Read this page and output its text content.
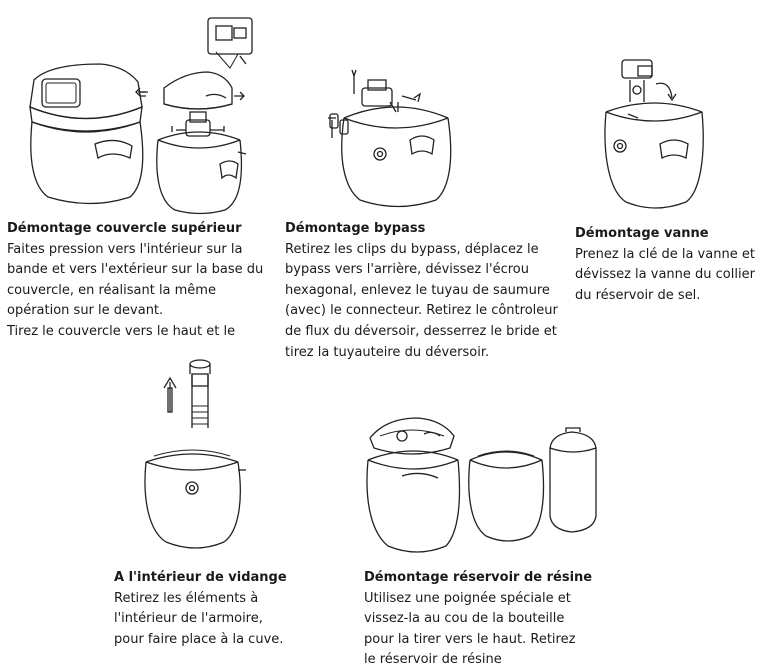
Démontage couvercle supérieur
Faites pression vers l'intérieur sur la
bande et vers l'extérieur sur la base du
couvercle, en réalisant la même
opération sur le devant.
Tirez le couvercle vers le haut et le
Démontage bypass
Retirez les clips du bypass, déplacez le
bypass vers l'arrière, dévissez l'écrou
hexagonal, enlevez le tuyau de saumure
(avec) le connecteur. Retirez le côntroleur
de flux du déversoir, desserrez le bride et
tirez la tuyauteire du déversoir.
Démontage vanne
Prenez la clé de la vanne et
dévissez la vanne du collier
du réservoir de sel.
A l'intérieur de vidange
Retirez les éléments à
l'intérieur de l'armoire,
pour faire place à la cuve.
Démontage réservoir de résine
Utilisez une poignée spéciale et
vissez-la au cou de la bouteille
pour la tirer vers le haut. Retirez
le réservoir de résine
